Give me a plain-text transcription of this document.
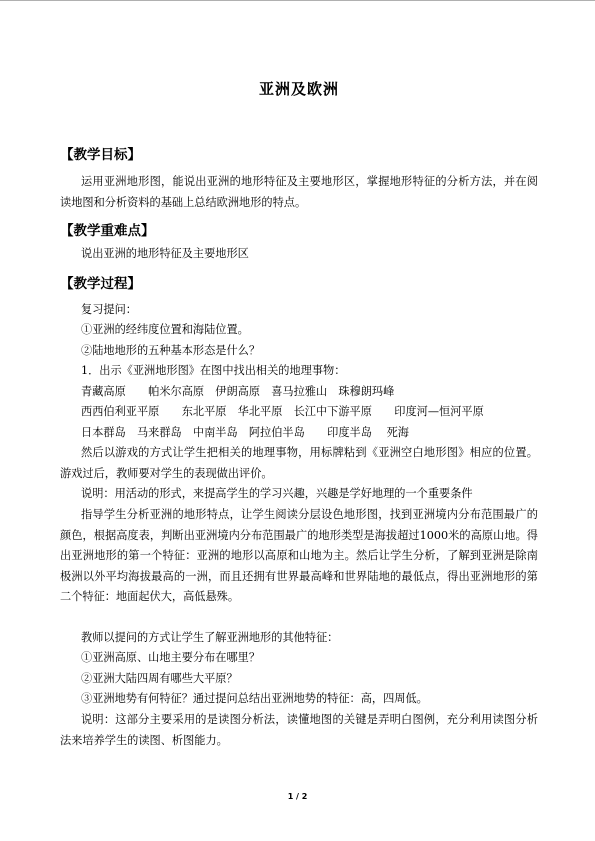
亚洲及欧洲
【教学目标】
运用亚洲地形图，能说出亚洲的地形特征及主要地形区，掌握地形特征的分析方法，并在阅读地图和分析资料的基础上总结欧洲地形的特点。
【教学重难点】
说出亚洲的地形特征及主要地形区
【教学过程】
复习提问：
①亚洲的经纬度位置和海陆位置。
②陆地地形的五种基本形态是什么？
1．出示《亚洲地形图》在图中找出相关的地理事物：
青藏高原　　帕米尔高原　伊朗高原　喜马拉雅山　珠穆朗玛峰
西西伯利亚平原　　东北平原　华北平原　长江中下游平原　　印度河—恒河平原
日本群岛　马来群岛　中南半岛　阿拉伯半岛　　印度半岛　 死海
然后以游戏的方式让学生把相关的地理事物，用标牌粘到《亚洲空白地形图》相应的位置。游戏过后，教师要对学生的表现做出评价。
说明：用活动的形式，来提高学生的学习兴趣，兴趣是学好地理的一个重要条件
指导学生分析亚洲的地形特点，让学生阅读分层设色地形图，找到亚洲境内分布范围最广的颜色，根据高度表，判断出亚洲境内分布范围最广的地形类型是海拔超过1000米的高原山地。得出亚洲地形的第一个特征：亚洲的地形以高原和山地为主。然后让学生分析，了解到亚洲是除南极洲以外平均海拔最高的一洲，而且还拥有世界最高峰和世界陆地的最低点，得出亚洲地形的第二个特征：地面起伏大，高低悬殊。
教师以提问的方式让学生了解亚洲地形的其他特征：
①亚洲高原、山地主要分布在哪里？
②亚洲大陆四周有哪些大平原？
③亚洲地势有何特征？通过提问总结出亚洲地势的特征：高，四周低。
说明：这部分主要采用的是读图分析法，读懂地图的关键是弄明白图例，充分利用读图分析法来培养学生的读图、析图能力。
1 / 2
